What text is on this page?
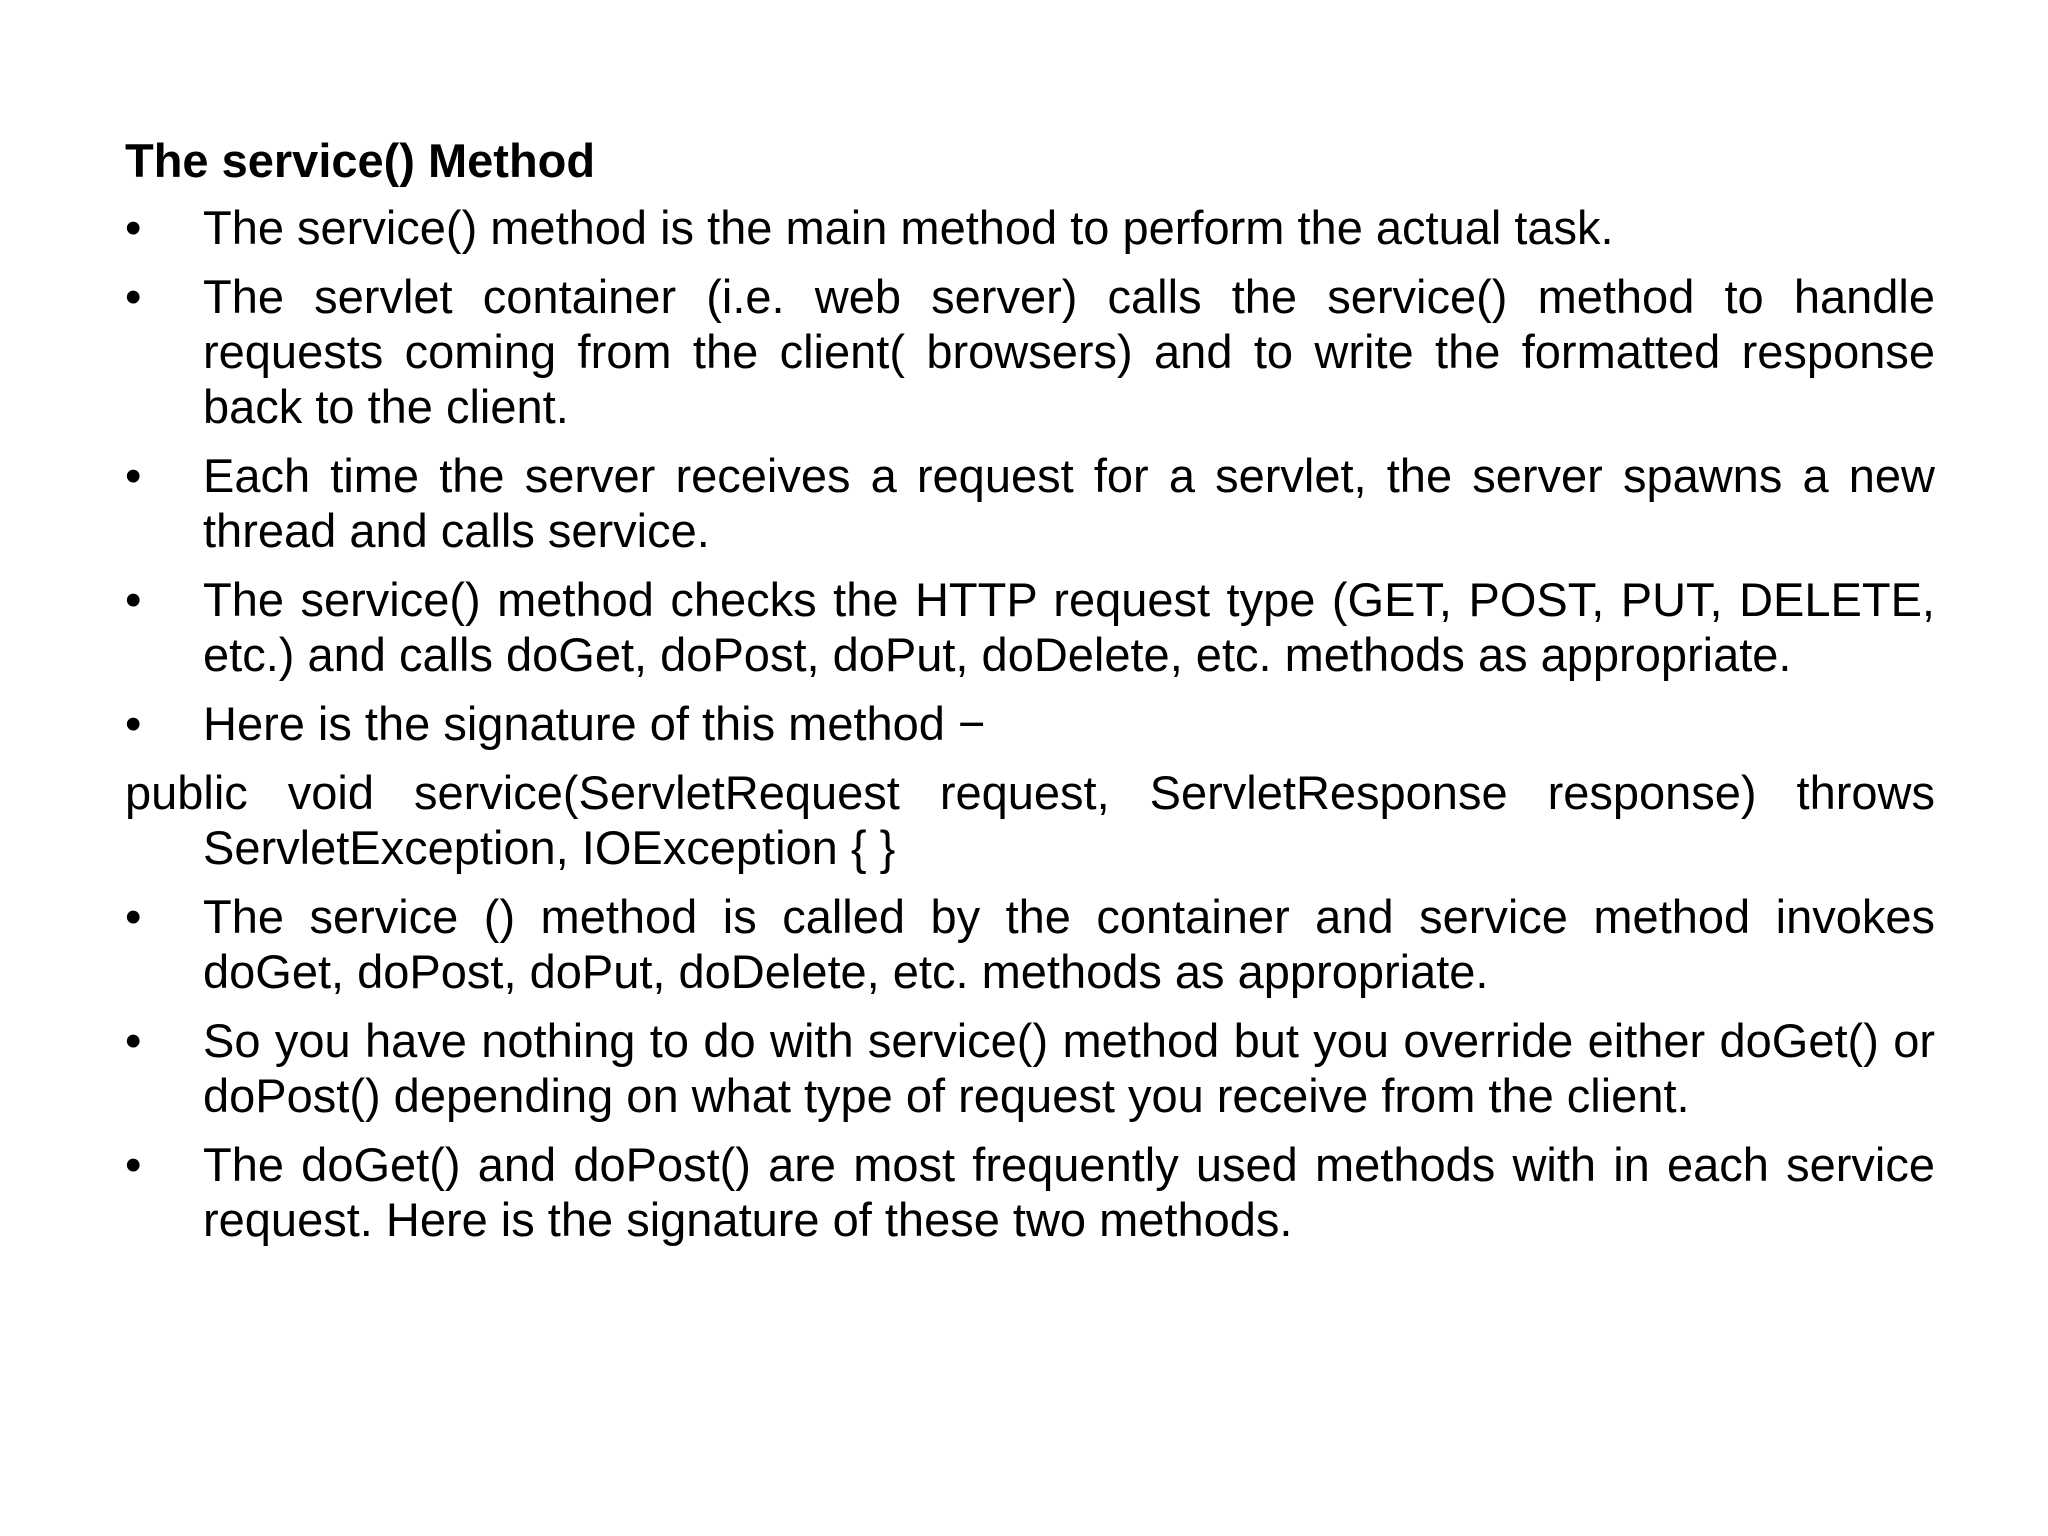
The service() Method
•	The service() method is the main method to perform the actual task.
•	The servlet container (i.e. web server) calls the service() method to handle requests coming from the client( browsers) and to write the formatted response back to the client.
•	Each time the server receives a request for a servlet, the server spawns a new thread and calls service.
•	The service() method checks the HTTP request type (GET, POST, PUT, DELETE, etc.) and calls doGet, doPost, doPut, doDelete, etc. methods as appropriate.
•	Here is the signature of this method −
public void service(ServletRequest request, ServletResponse response) throws ServletException, IOException { }
•	The service () method is called by the container and service method invokes doGet, doPost, doPut, doDelete, etc. methods as appropriate.
•	So you have nothing to do with service() method but you override either doGet() or doPost() depending on what type of request you receive from the client.
•	The doGet() and doPost() are most frequently used methods with in each service request. Here is the signature of these two methods.
